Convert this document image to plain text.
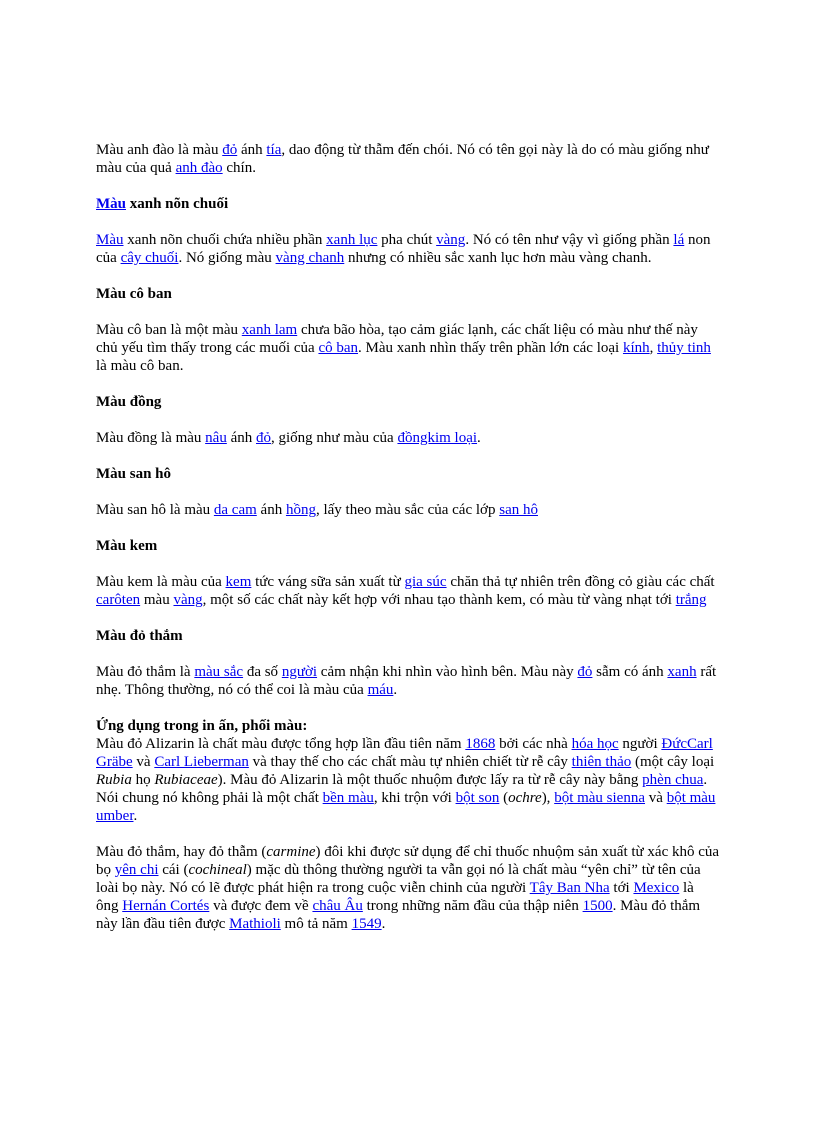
Màu anh đào là màu đỏ ánh tía, dao động từ thẫm đến chói. Nó có tên gọi này là do có màu giống như màu của quả anh đào chín.

Màu xanh nõn chuối

Màu xanh nõn chuối chứa nhiều phần xanh lục pha chút vàng. Nó có tên như vậy vì giống phần lá non của cây chuối. Nó giống màu vàng chanh nhưng có nhiều sắc xanh lục hơn màu vàng chanh.

Màu cô ban

Màu cô ban là một màu xanh lam chưa bão hòa, tạo cảm giác lạnh, các chất liệu có màu như thế này chủ yếu tìm thấy trong các muối của cô ban. Màu xanh nhìn thấy trên phần lớn các loại kính, thủy tinh là màu cô ban.

Màu đồng

Màu đồng là màu nâu ánh đỏ, giống như màu của đồngkim loại.

Màu san hô

Màu san hô là màu da cam ánh hồng, lấy theo màu sắc của các lớp san hô

Màu kem

Màu kem là màu của kem tức váng sữa sản xuất từ gia súc chăn thả tự nhiên trên đồng cỏ giàu các chất carôten màu vàng, một số các chất này kết hợp với nhau tạo thành kem, có màu từ vàng nhạt tới trắng

Màu đỏ thắm

Màu đỏ thắm là màu sắc đa số người cảm nhận khi nhìn vào hình bên. Màu này đỏ sẫm có ánh xanh rất nhẹ. Thông thường, nó có thể coi là màu của máu.

Ứng dụng trong in ấn, phối màu:

Màu đỏ Alizarin là chất màu được tổng hợp lần đầu tiên năm 1868 bởi các nhà hóa học người ĐứcCarl Gräbe và Carl Lieberman và thay thế cho các chất màu tự nhiên chiết từ rễ cây thiên thảo (một cây loại Rubia họ Rubiaceae). Màu đỏ Alizarin là một thuốc nhuộm được lấy ra từ rễ cây này bằng phèn chua. Nói chung nó không phải là một chất bền màu, khi trộn với bột son (ochre), bột màu sienna và bột màu umber.

Màu đỏ thắm, hay đỏ thẫm (carmine) đôi khi được sử dụng để chỉ thuốc nhuộm sản xuất từ xác khô của bọ yên chi cái (cochineal) mặc dù thông thường người ta vẫn gọi nó là chất màu “yên chỉ” từ tên của loài bọ này. Nó có lẽ được phát hiện ra trong cuộc viễn chinh của người Tây Ban Nha tới Mexico là ông Hernán Cortés và được đem về châu Âu trong những năm đầu của thập niên 1500. Màu đỏ thắm này lần đầu tiên được Mathioli mô tả năm 1549.
